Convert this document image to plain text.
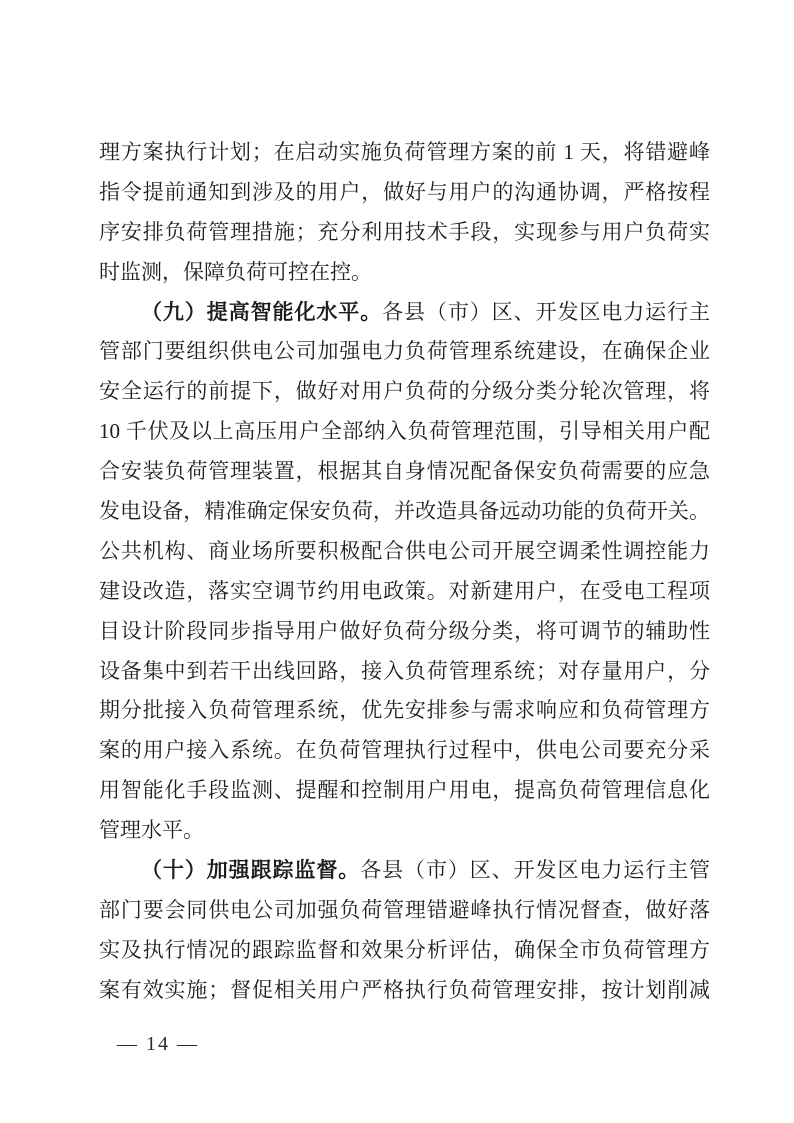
理方案执行计划；在启动实施负荷管理方案的前 1 天，将错避峰
指令提前通知到涉及的用户，做好与用户的沟通协调，严格按程
序安排负荷管理措施；充分利用技术手段，实现参与用户负荷实
时监测，保障负荷可控在控。
（九）提高智能化水平。各县（市）区、开发区电力运行主
管部门要组织供电公司加强电力负荷管理系统建设，在确保企业
安全运行的前提下，做好对用户负荷的分级分类分轮次管理，将
10 千伏及以上高压用户全部纳入负荷管理范围，引导相关用户配
合安装负荷管理装置，根据其自身情况配备保安负荷需要的应急
发电设备，精准确定保安负荷，并改造具备远动功能的负荷开关。
公共机构、商业场所要积极配合供电公司开展空调柔性调控能力
建设改造，落实空调节约用电政策。对新建用户，在受电工程项
目设计阶段同步指导用户做好负荷分级分类，将可调节的辅助性
设备集中到若干出线回路，接入负荷管理系统；对存量用户，分
期分批接入负荷管理系统，优先安排参与需求响应和负荷管理方
案的用户接入系统。在负荷管理执行过程中，供电公司要充分采
用智能化手段监测、提醒和控制用户用电，提高负荷管理信息化
管理水平。
（十）加强跟踪监督。各县（市）区、开发区电力运行主管
部门要会同供电公司加强负荷管理错避峰执行情况督查，做好落
实及执行情况的跟踪监督和效果分析评估，确保全市负荷管理方
案有效实施；督促相关用户严格执行负荷管理安排，按计划削减
— 14 —
